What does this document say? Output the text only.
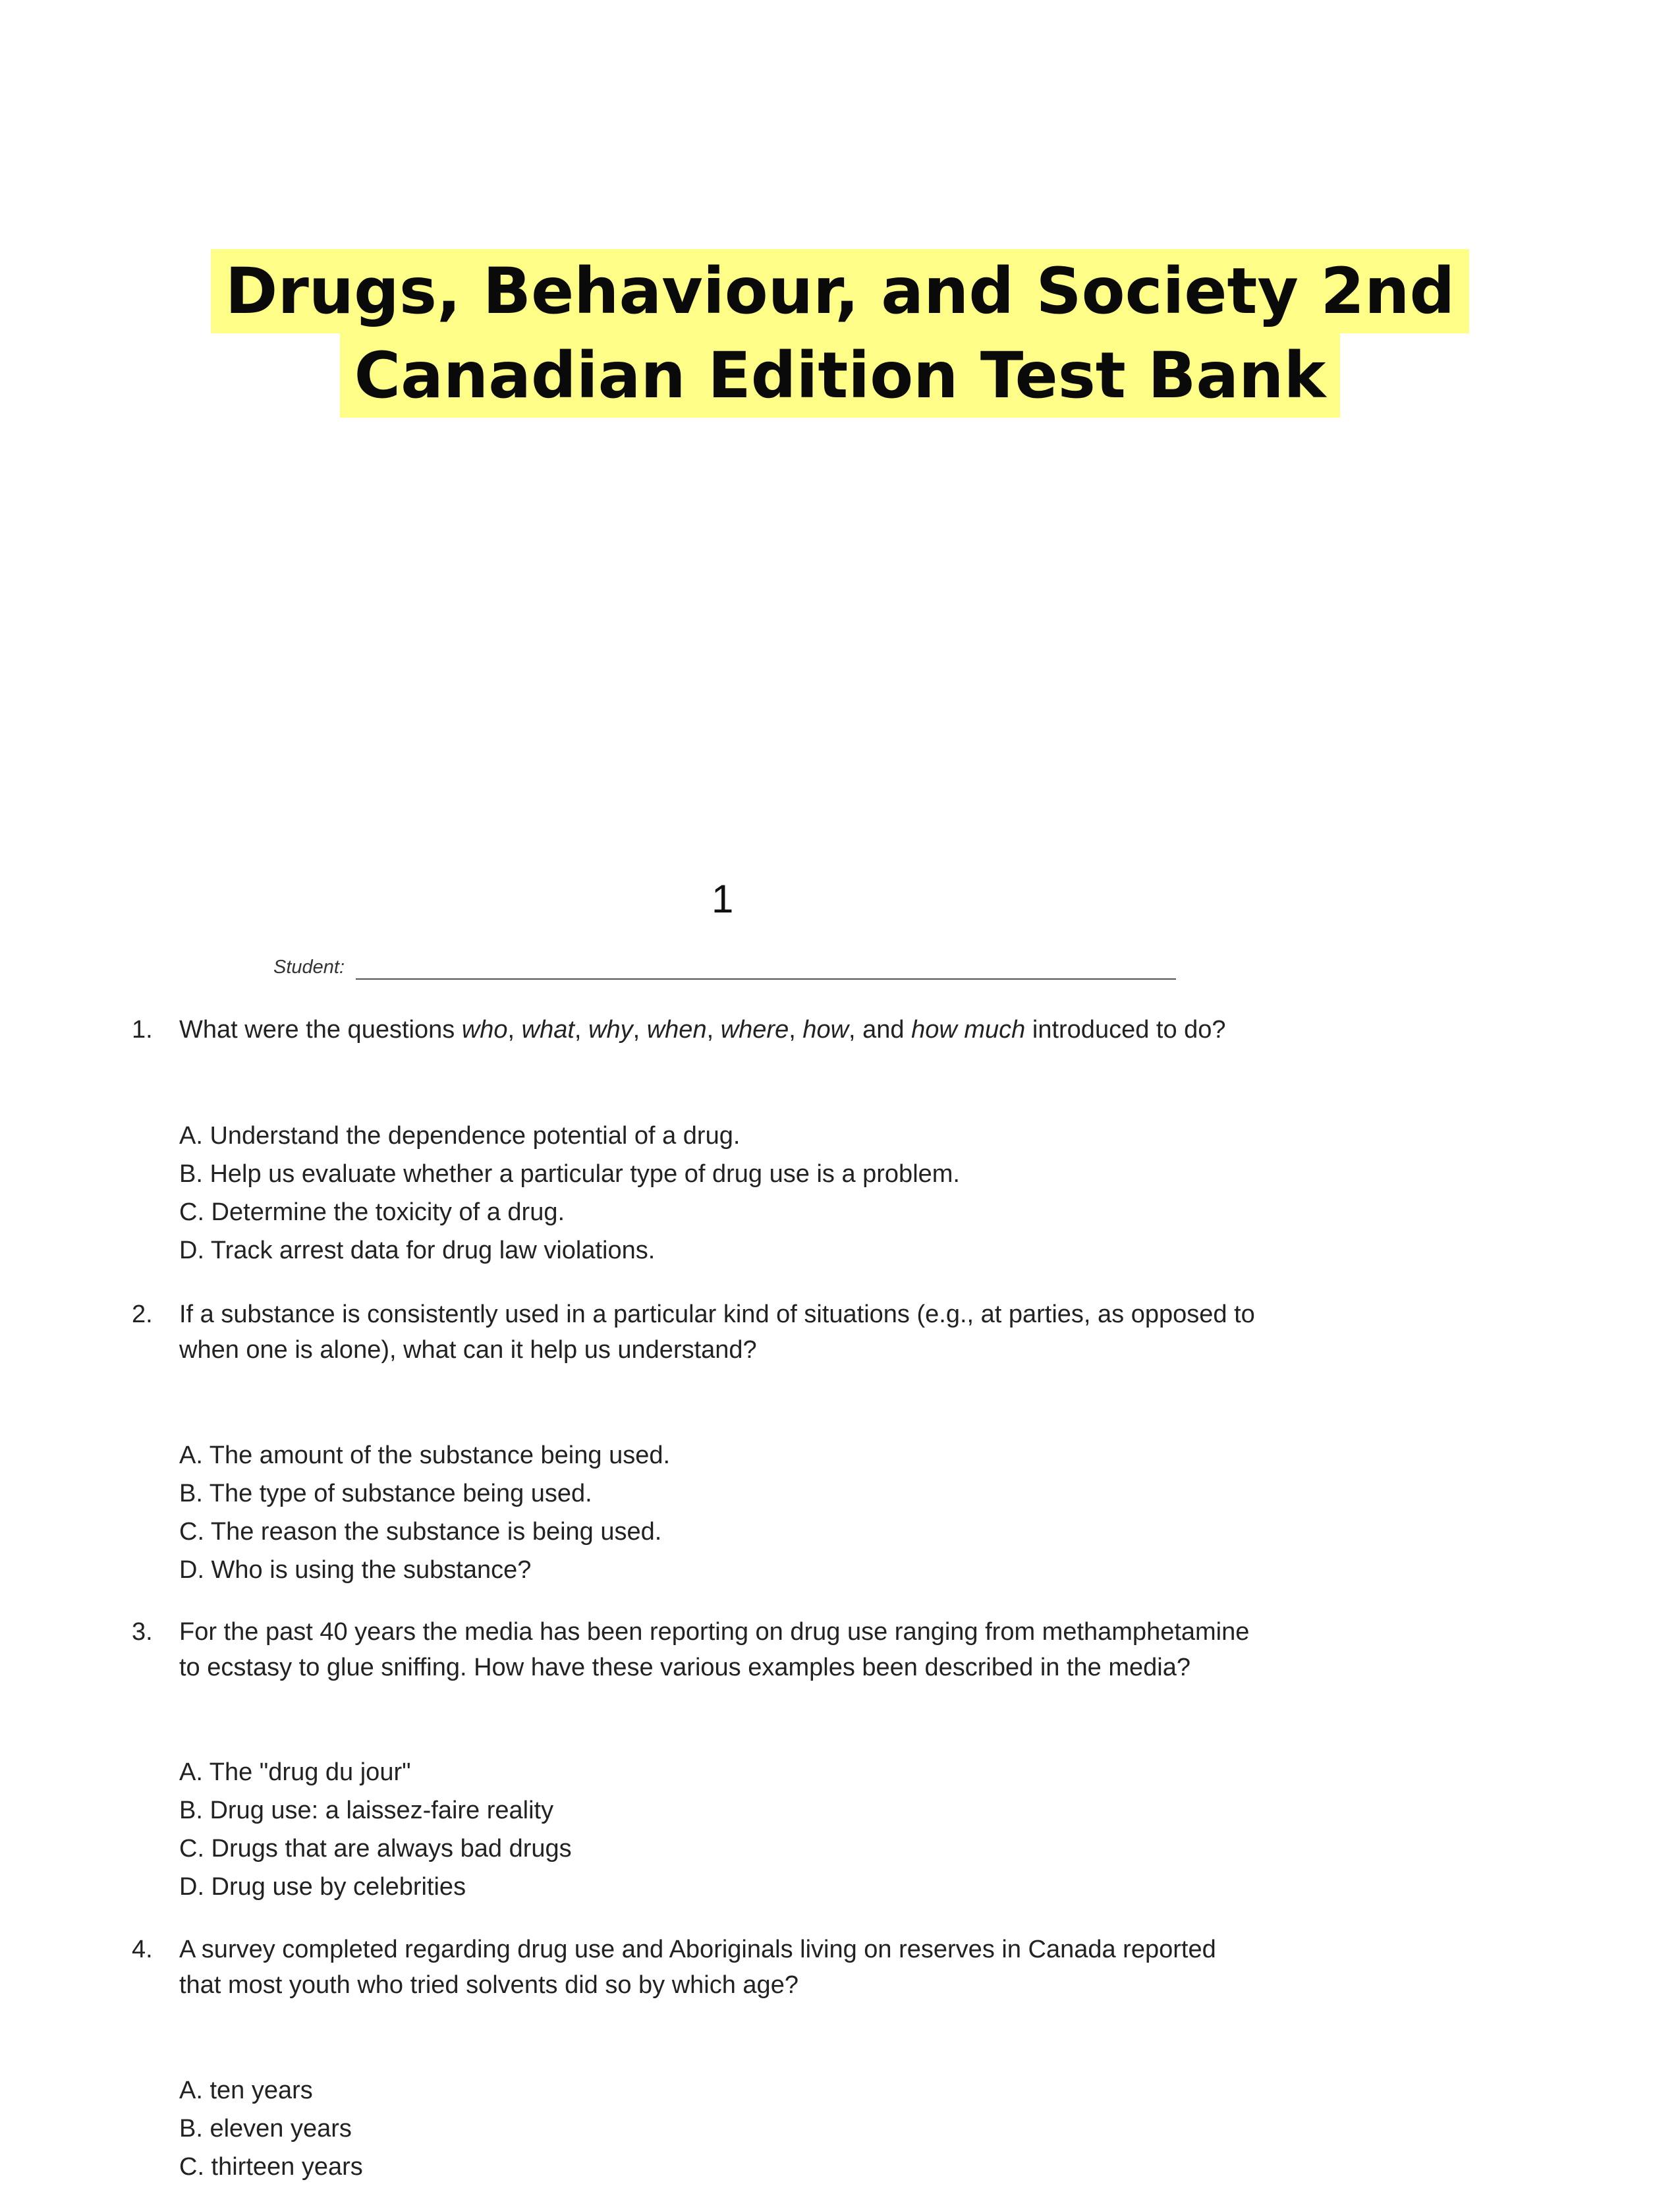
Drugs, Behaviour, and Society 2nd
Canadian Edition Test Bank
1
Student:
1. What were the questions who, what, why, when, where, how, and how much introduced to do?
A. Understand the dependence potential of a drug.
B. Help us evaluate whether a particular type of drug use is a problem.
C. Determine the toxicity of a drug.
D. Track arrest data for drug law violations.
2. If a substance is consistently used in a particular kind of situations (e.g., at parties, as opposed to
when one is alone), what can it help us understand?
A. The amount of the substance being used.
B. The type of substance being used.
C. The reason the substance is being used.
D. Who is using the substance?
3. For the past 40 years the media has been reporting on drug use ranging from methamphetamine
to ecstasy to glue sniffing. How have these various examples been described in the media?
A. The "drug du jour"
B. Drug use: a laissez-faire reality
C. Drugs that are always bad drugs
D. Drug use by celebrities
4. A survey completed regarding drug use and Aboriginals living on reserves in Canada reported
that most youth who tried solvents did so by which age?
A. ten years
B. eleven years
C. thirteen years
